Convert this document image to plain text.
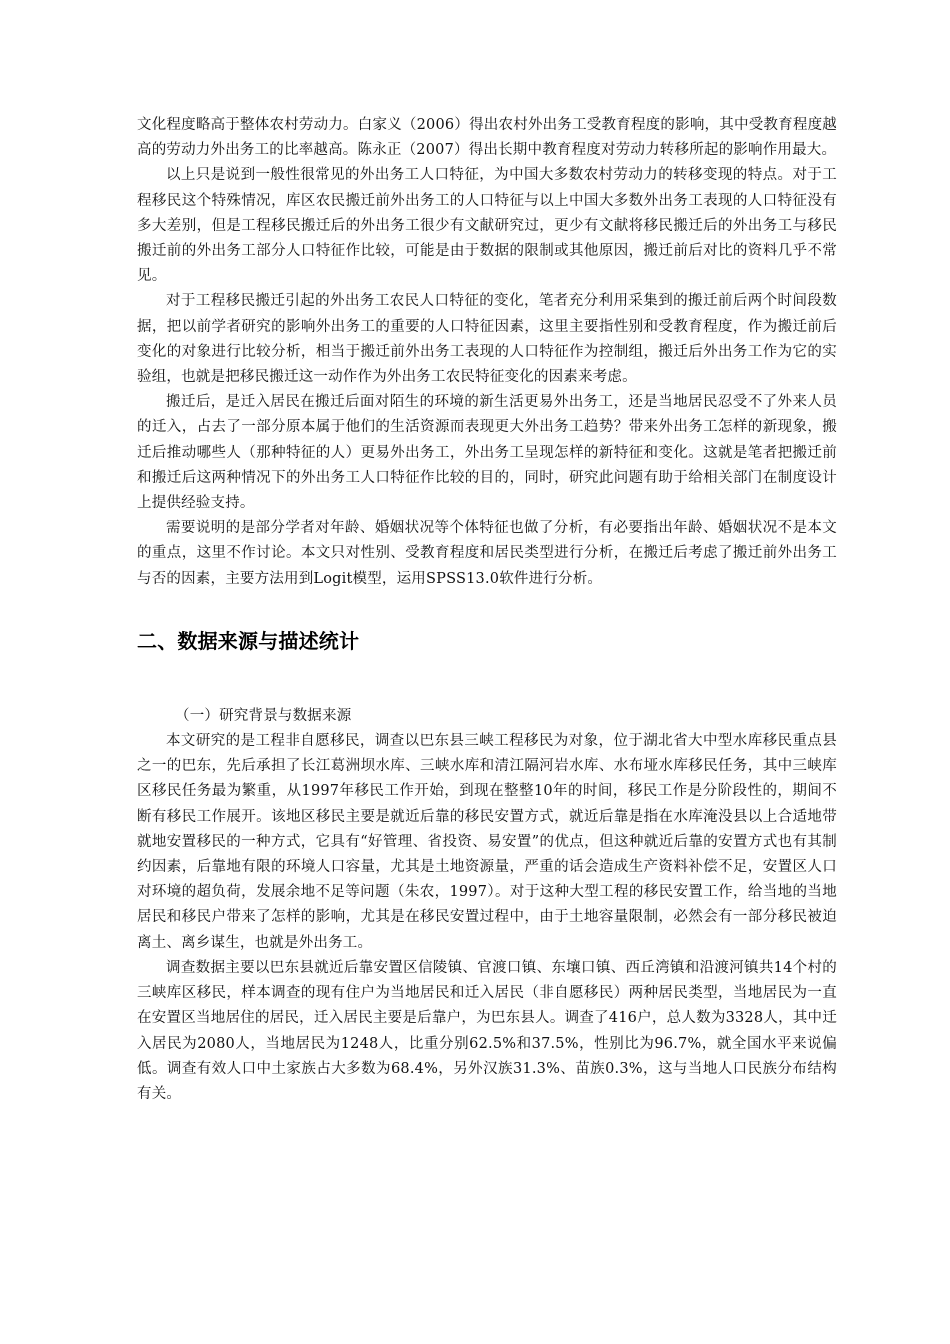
文化程度略高于整体农村劳动力。白家义（2006）得出农村外出务工受教育程度的影响，其中受教育程度越高的劳动力外出务工的比率越高。陈永正（2007）得出长期中教育程度对劳动力转移所起的影响作用最大。

以上只是说到一般性很常见的外出务工人口特征，为中国大多数农村劳动力的转移变现的特点。对于工程移民这个特殊情况，库区农民搬迁前外出务工的人口特征与以上中国大多数外出务工表现的人口特征没有多大差别，但是工程移民搬迁后的外出务工很少有文献研究过，更少有文献将移民搬迁后的外出务工与移民搬迁前的外出务工部分人口特征作比较，可能是由于数据的限制或其他原因，搬迁前后对比的资料几乎不常见。

对于工程移民搬迁引起的外出务工农民人口特征的变化，笔者充分利用采集到的搬迁前后两个时间段数据，把以前学者研究的影响外出务工的重要的人口特征因素，这里主要指性别和受教育程度，作为搬迁前后变化的对象进行比较分析，相当于搬迁前外出务工表现的人口特征作为控制组，搬迁后外出务工作为它的实验组，也就是把移民搬迁这一动作作为外出务工农民特征变化的因素来考虑。

搬迁后，是迁入居民在搬迁后面对陌生的环境的新生活更易外出务工，还是当地居民忍受不了外来人员的迁入，占去了一部分原本属于他们的生活资源而表现更大外出务工趋势？带来外出务工怎样的新现象，搬迁后推动哪些人（那种特征的人）更易外出务工，外出务工呈现怎样的新特征和变化。这就是笔者把搬迁前和搬迁后这两种情况下的外出务工人口特征作比较的目的，同时，研究此问题有助于给相关部门在制度设计上提供经验支持。

需要说明的是部分学者对年龄、婚姻状况等个体特征也做了分析，有必要指出年龄、婚姻状况不是本文的重点，这里不作讨论。本文只对性别、受教育程度和居民类型进行分析，在搬迁后考虑了搬迁前外出务工与否的因素，主要方法用到Logit模型，运用SPSS13.0软件进行分析。

二、数据来源与描述统计

（一）研究背景与数据来源

本文研究的是工程非自愿移民，调查以巴东县三峡工程移民为对象，位于湖北省大中型水库移民重点县之一的巴东，先后承担了长江葛洲坝水库、三峡水库和清江隔河岩水库、水布垭水库移民任务，其中三峡库区移民任务最为繁重，从1997年移民工作开始，到现在整整10年的时间，移民工作是分阶段性的，期间不断有移民工作展开。该地区移民主要是就近后靠的移民安置方式，就近后靠是指在水库淹没县以上合适地带就地安置移民的一种方式，它具有“好管理、省投资、易安置”的优点，但这种就近后靠的安置方式也有其制约因素，后靠地有限的环境人口容量，尤其是土地资源量，严重的话会造成生产资料补偿不足，安置区人口对环境的超负荷，发展余地不足等问题（朱农，1997）。对于这种大型工程的移民安置工作，给当地的当地居民和移民户带来了怎样的影响，尤其是在移民安置过程中，由于土地容量限制，必然会有一部分移民被迫离土、离乡谋生，也就是外出务工。

调查数据主要以巴东县就近后靠安置区信陵镇、官渡口镇、东壤口镇、西丘湾镇和沿渡河镇共14个村的三峡库区移民，样本调查的现有住户为当地居民和迁入居民（非自愿移民）两种居民类型，当地居民为一直在安置区当地居住的居民，迁入居民主要是后靠户，为巴东县人。调查了416户，总人数为3328人，其中迁入居民为2080人，当地居民为1248人，比重分别62.5%和37.5%，性别比为96.7%，就全国水平来说偏低。调查有效人口中土家族占大多数为68.4%，另外汉族31.3%、苗族0.3%，这与当地人口民族分布结构有关。
